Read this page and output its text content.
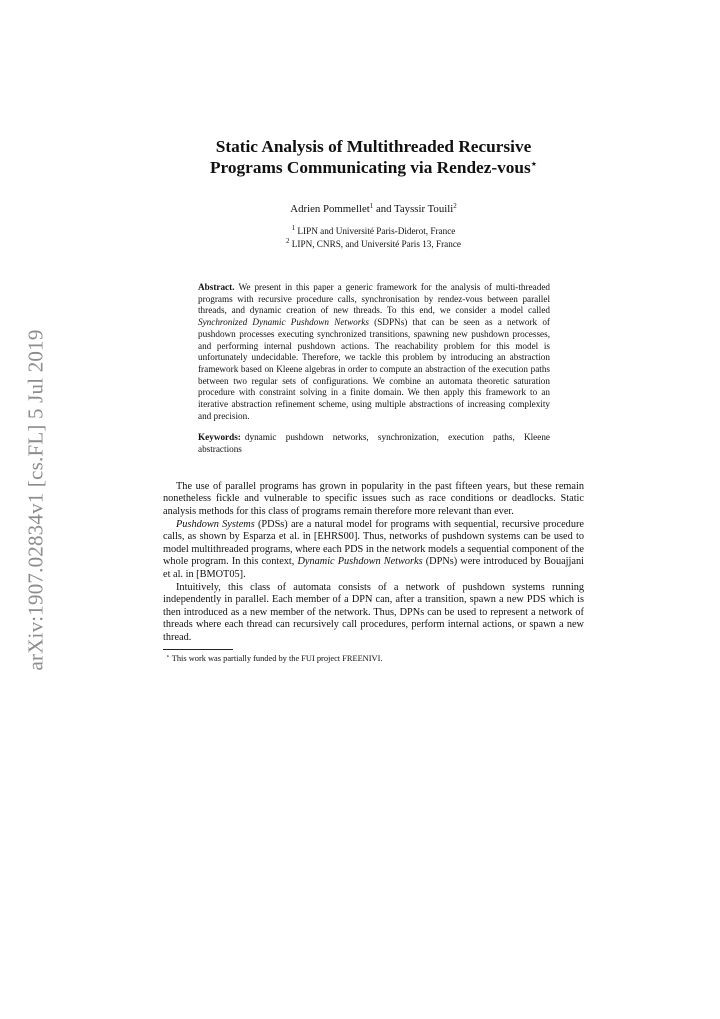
arXiv:1907.02834v1 [cs.FL] 5 Jul 2019
Static Analysis of Multithreaded Recursive
Programs Communicating via Rendez-vous⋆
Adrien Pommellet$^1$ and Tayssir Touili$^2$
$^1$ LIPN and Université Paris-Diderot, France
$^2$ LIPN, CNRS, and Université Paris 13, France
Abstract. We present in this paper a generic framework for the analysis of multi-threaded programs with recursive procedure calls, synchronisation by rendez-vous between parallel threads, and dynamic creation of new threads. To this end, we consider a model called Synchronized Dynamic Pushdown Networks (SDPNs) that can be seen as a network of pushdown processes executing synchronized transitions, spawning new pushdown processes, and performing internal pushdown actions. The reachability problem for this model is unfortunately undecidable. Therefore, we tackle this problem by introducing an abstraction framework based on Kleene algebras in order to compute an abstraction of the execution paths between two regular sets of configurations. We combine an automata theoretic saturation procedure with constraint solving in a finite domain. We then apply this framework to an iterative abstraction refinement scheme, using multiple abstractions of increasing complexity and precision.
Keywords: dynamic pushdown networks, synchronization, execution paths, Kleene abstractions

The use of parallel programs has grown in popularity in the past fifteen years, but these remain nonetheless fickle and vulnerable to specific issues such as race conditions or deadlocks. Static analysis methods for this class of programs remain therefore more relevant than ever.

Pushdown Systems (PDSs) are a natural model for programs with sequential, recursive procedure calls, as shown by Esparza et al. in [EHRS00]. Thus, networks of pushdown systems can be used to model multithreaded programs, where each PDS in the network models a sequential component of the whole program. In this context, Dynamic Pushdown Networks (DPNs) were introduced by Bouajjani et al. in [BMOT05].

Intuitively, this class of automata consists of a network of pushdown systems running independently in parallel. Each member of a DPN can, after a transition, spawn a new PDS which is then introduced as a new member of the network. Thus, DPNs can be used to represent a network of threads where each thread can recursively call procedures, perform internal actions, or spawn a new thread.

⋆ This work was partially funded by the FUI project FREENIVI.
